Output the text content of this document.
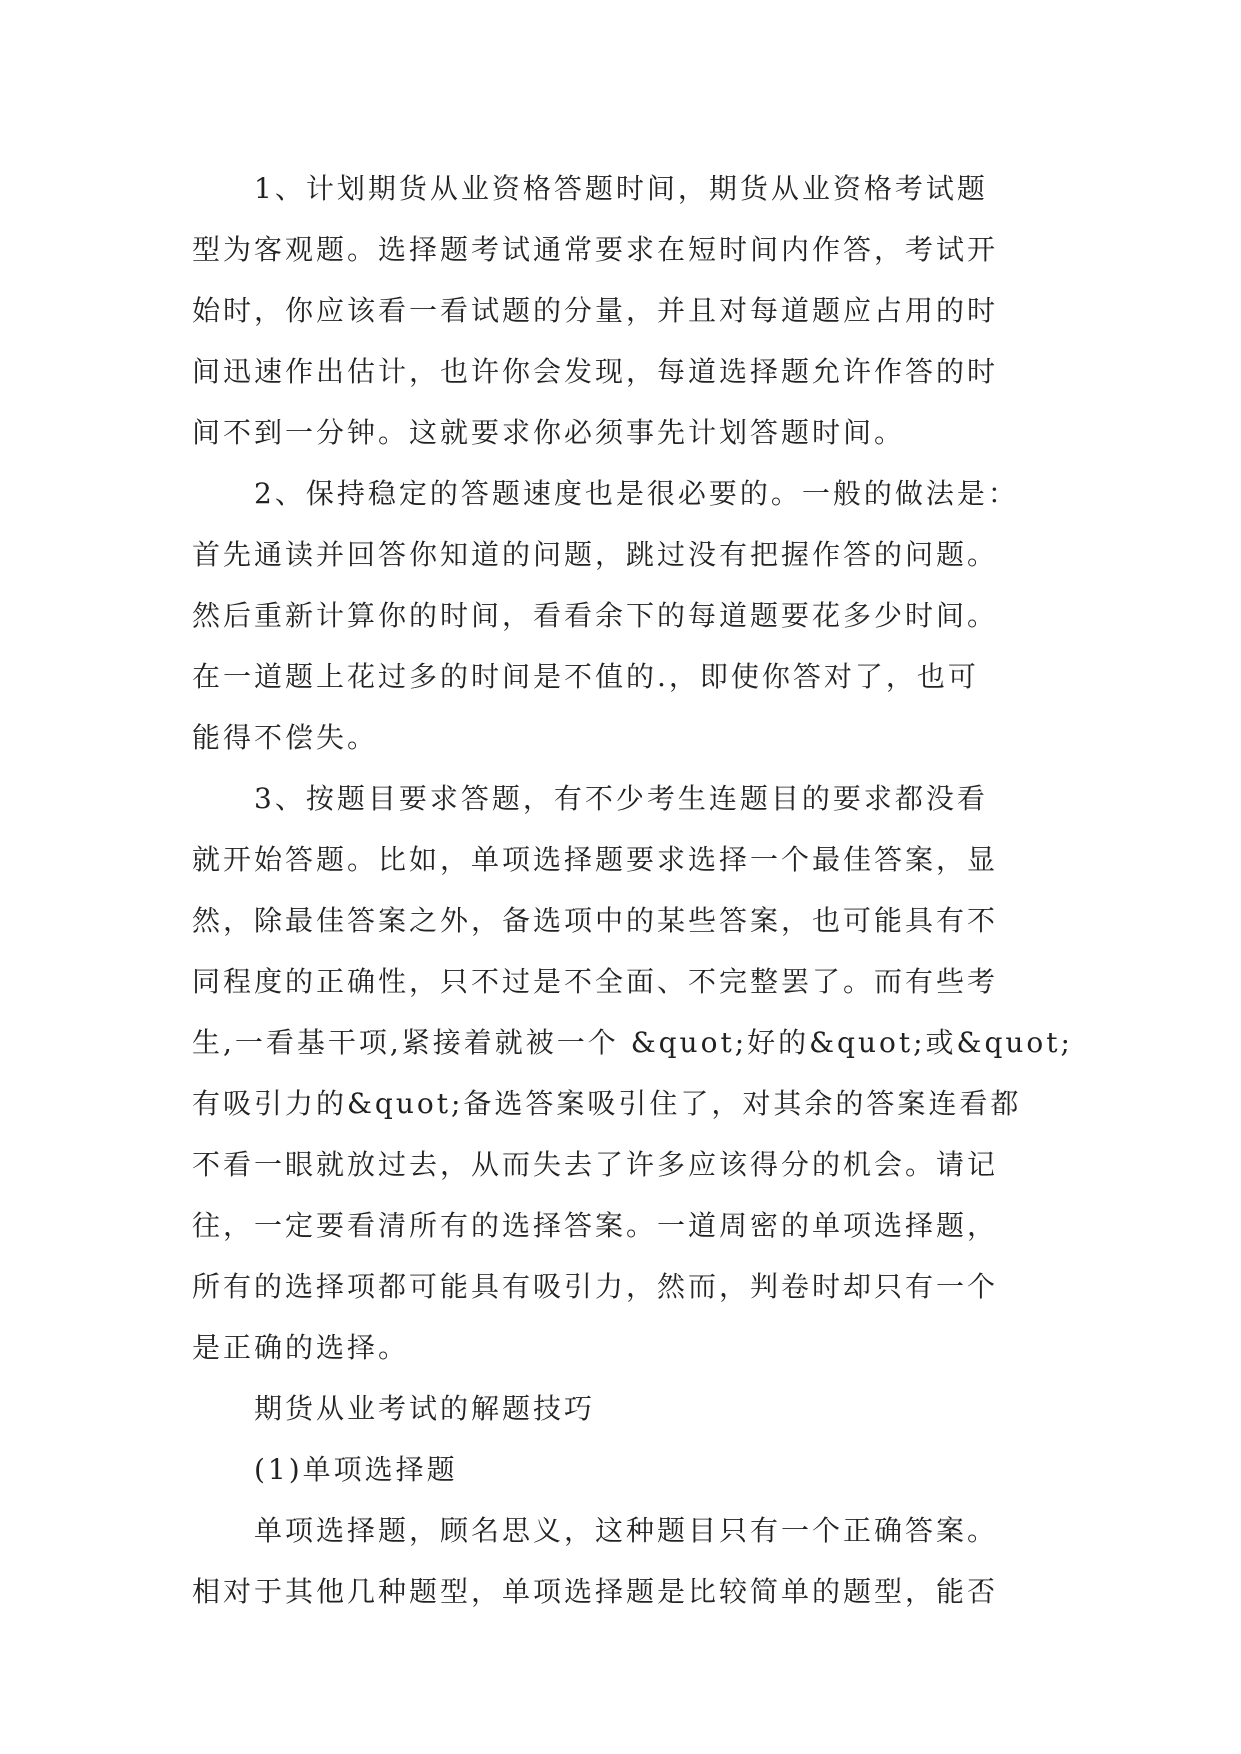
1、计划期货从业资格答题时间，期货从业资格考试题
型为客观题。选择题考试通常要求在短时间内作答，考试开
始时，你应该看一看试题的分量，并且对每道题应占用的时
间迅速作出估计，也许你会发现，每道选择题允许作答的时
间不到一分钟。这就要求你必须事先计划答题时间。
2、保持稳定的答题速度也是很必要的。一般的做法是：
首先通读并回答你知道的问题，跳过没有把握作答的问题。
然后重新计算你的时间，看看余下的每道题要花多少时间。
在一道题上花过多的时间是不值的.，即使你答对了，也可
能得不偿失。
3、按题目要求答题，有不少考生连题目的要求都没看
就开始答题。比如，单项选择题要求选择一个最佳答案，显
然，除最佳答案之外，备选项中的某些答案，也可能具有不
同程度的正确性，只不过是不全面、不完整罢了。而有些考
生,一看基干项,紧接着就被一个 &quot;好的&quot;或&quot;
有吸引力的&quot;备选答案吸引住了，对其余的答案连看都
不看一眼就放过去，从而失去了许多应该得分的机会。请记
往，一定要看清所有的选择答案。一道周密的单项选择题，
所有的选择项都可能具有吸引力，然而，判卷时却只有一个
是正确的选择。
期货从业考试的解题技巧
(1)单项选择题
单项选择题，顾名思义，这种题目只有一个正确答案。
相对于其他几种题型，单项选择题是比较简单的题型，能否
